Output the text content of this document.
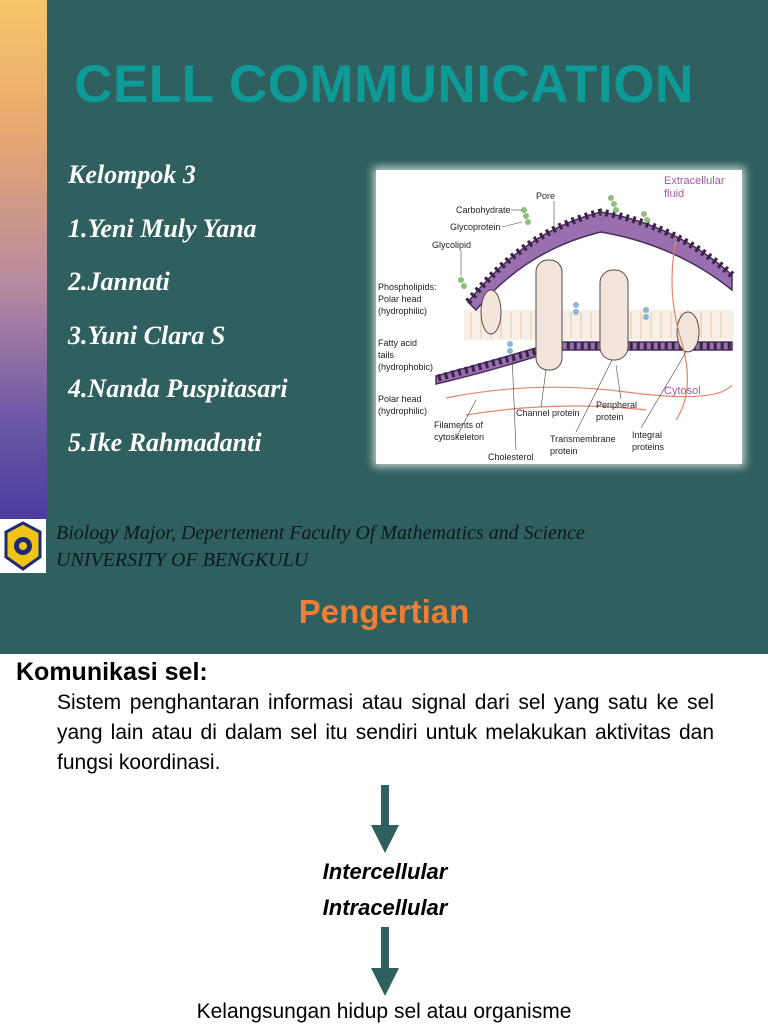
CELL COMMUNICATION
Kelompok 3
1.Yeni Muly Yana
2.Jannati
3.Yuni Clara S
4.Nanda Puspitasari
5.Ike Rahmadanti
Extracellular
fluid
Pore
Carbohydrate
Glycoprotein
Glycolipid
Phospholipids:
Polar head
(hydrophilic)
Fatty acid
tails
(hydrophobic)
Polar head
(hydrophilic)
Filaments of
cytoskeleton
Channel protein
Peripheral
protein
Cytosol
Integral
proteins
Transmembrane
protein
Cholesterol

Biology Major, Depertement Faculty Of Mathematics and Science
UNIVERSITY OF BENGKULU

Pengertian

Komunikasi sel:

Sistem penghantaran informasi atau signal dari sel yang satu ke sel yang lain atau di dalam sel itu sendiri untuk melakukan aktivitas dan fungsi koordinasi.

Intercellular
Intracellular

Kelangsungan hidup sel atau organisme
